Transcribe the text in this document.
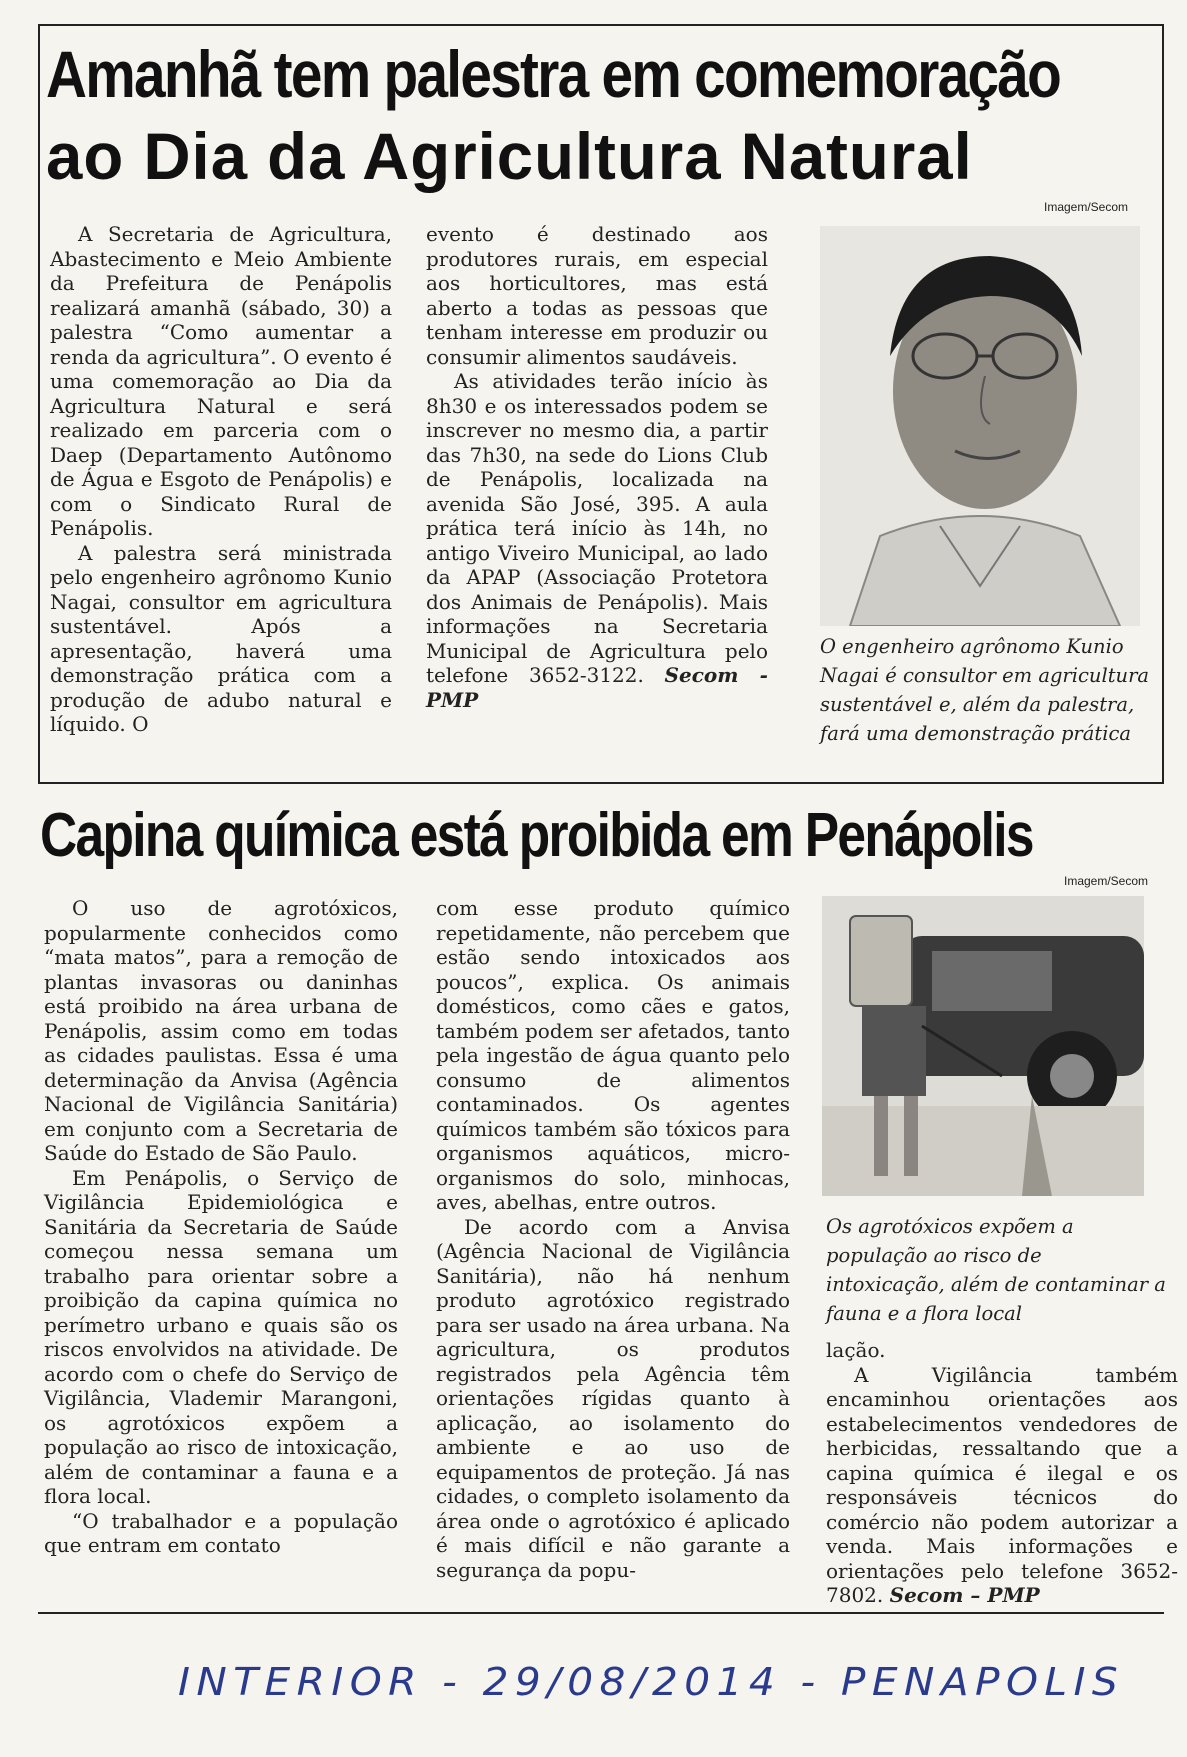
Amanhã tem palestra em comemoração
ao Dia da Agricultura Natural
Imagem/Secom

A Secretaria de Agricultura, Abastecimento e Meio Ambiente da Prefeitura de Penápolis realizará amanhã (sábado, 30) a palestra “Como aumentar a renda da agricultura”. O evento é uma comemoração ao Dia da Agricultura Natural e será realizado em parceria com o Daep (Departamento Autônomo de Água e Esgoto de Penápolis) e com o Sindicato Rural de Penápolis.

A palestra será ministrada pelo engenheiro agrônomo Kunio Nagai, consultor em agricultura sustentável. Após a apresentação, haverá uma demonstração prática com a produção de adubo natural e líquido. O

evento é destinado aos produtores rurais, em especial aos horticultores, mas está aberto a todas as pessoas que tenham interesse em produzir ou consumir alimentos saudáveis.

As atividades terão início às 8h30 e os interessados podem se inscrever no mesmo dia, a partir das 7h30, na sede do Lions Club de Penápolis, localizada na avenida São José, 395. A aula prática terá início às 14h, no antigo Viveiro Municipal, ao lado da APAP (Associação Protetora dos Animais de Penápolis). Mais informações na Secretaria Municipal de Agricultura pelo telefone 3652-3122. Secom - PMP

O engenheiro agrônomo Kunio Nagai é consultor em agricultura sustentável e, além da palestra, fará uma demonstração prática
Capina química está proibida em Penápolis
Imagem/Secom

O uso de agrotóxicos, popularmente conhecidos como “mata matos”, para a remoção de plantas invasoras ou daninhas está proibido na área urbana de Penápolis, assim como em todas as cidades paulistas. Essa é uma determinação da Anvisa (Agência Nacional de Vigilância Sanitária) em conjunto com a Secretaria de Saúde do Estado de São Paulo.

Em Penápolis, o Serviço de Vigilância Epidemiológica e Sanitária da Secretaria de Saúde começou nessa semana um trabalho para orientar sobre a proibição da capina química no perímetro urbano e quais são os riscos envolvidos na atividade. De acordo com o chefe do Serviço de Vigilância, Vlademir Marangoni, os agrotóxicos expõem a população ao risco de intoxicação, além de contaminar a fauna e a flora local.

“O trabalhador e a população que entram em contato

com esse produto químico repetidamente, não percebem que estão sendo intoxicados aos poucos”, explica. Os animais domésticos, como cães e gatos, também podem ser afetados, tanto pela ingestão de água quanto pelo consumo de alimentos contaminados. Os agentes químicos também são tóxicos para organismos aquáticos, micro-organismos do solo, minhocas, aves, abelhas, entre outros.

De acordo com a Anvisa (Agência Nacional de Vigilância Sanitária), não há nenhum produto agrotóxico registrado para ser usado na área urbana. Na agricultura, os produtos registrados pela Agência têm orientações rígidas quanto à aplicação, ao isolamento do ambiente e ao uso de equipamentos de proteção. Já nas cidades, o completo isolamento da área onde o agrotóxico é aplicado é mais difícil e não garante a segurança da popu-

Os agrotóxicos expõem a população ao risco de intoxicação, além de contaminar a fauna e a flora local

lação.

A Vigilância também encaminhou orientações aos estabelecimentos vendedores de herbicidas, ressaltando que a capina química é ilegal e os responsáveis técnicos do comércio não podem autorizar a venda. Mais informações e orientações pelo telefone 3652-7802. Secom – PMP

INTERIOR - 29/08/2014 - PENAPOLIS
